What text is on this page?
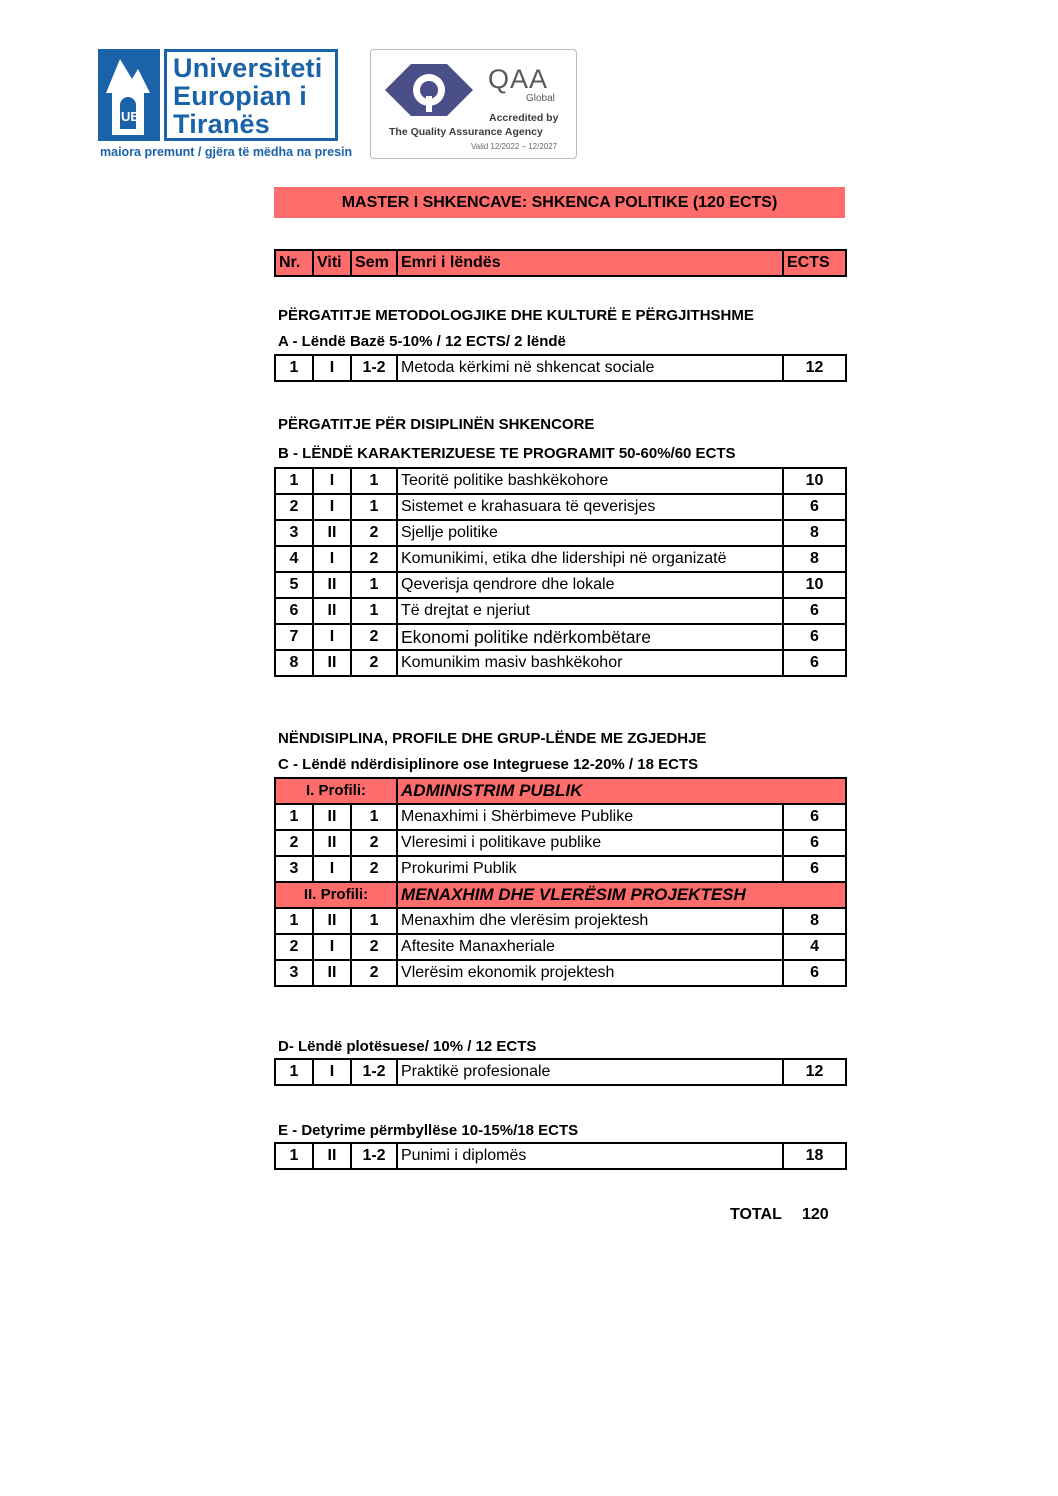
UE
Universiteti
Europian i
Tiranës
maiora premunt / gjëra të mëdha na presin
QAA
Global
Accredited by
The Quality Assurance Agency
Valid 12/2022 – 12/2027
MASTER I SHKENCAVE: SHKENCA POLITIKE (120 ECTS)
Nr.	Viti	Sem	Emri i lëndës	ECTS
PËRGATITJE METODOLOGJIKE DHE KULTURË E PËRGJITHSHME
A - Lëndë Bazë 5-10% / 12 ECTS/ 2 lëndë
1	I	1-2	Metoda kërkimi në shkencat sociale	12
PËRGATITJE PËR DISIPLINËN SHKENCORE
B - LËNDË KARAKTERIZUESE TE PROGRAMIT 50-60%/60 ECTS
1	I	1	Teoritë politike bashkëkohore	10
2	I	1	Sistemet e krahasuara të qeverisjes	6
3	II	2	Sjellje politike	8
4	I	2	Komunikimi, etika dhe lidershipi në organizatë	8
5	II	1	Qeverisja qendrore dhe lokale	10
6	II	1	Të drejtat e njeriut	6
7	I	2	Ekonomi politike ndërkombëtare	6
8	II	2	Komunikim masiv bashkëkohor	6
NËNDISIPLINA, PROFILE DHE GRUP-LËNDE ME ZGJEDHJE
C - Lëndë ndërdisiplinore ose Integruese 12-20% / 18 ECTS
I. Profili:			ADMINISTRIM PUBLIK	
1	II	1	Menaxhimi i Shërbimeve Publike	6
2	II	2	Vleresimi i politikave publike	6
3	I	2	Prokurimi Publik	6
II. Profili:			MENAXHIM DHE VLERËSIM PROJEKTESH	
1	II	1	Menaxhim dhe vlerësim projektesh	8
2	I	2	Aftesite Manaxheriale	4
3	II	2	Vlerësim ekonomik projektesh	6
D- Lëndë plotësuese/ 10% / 12 ECTS
1	I	1-2	Praktikë profesionale	12
E - Detyrime përmbyllëse 10-15%/18 ECTS
1	II	1-2	Punimi i diplomës	18
TOTAL 120
